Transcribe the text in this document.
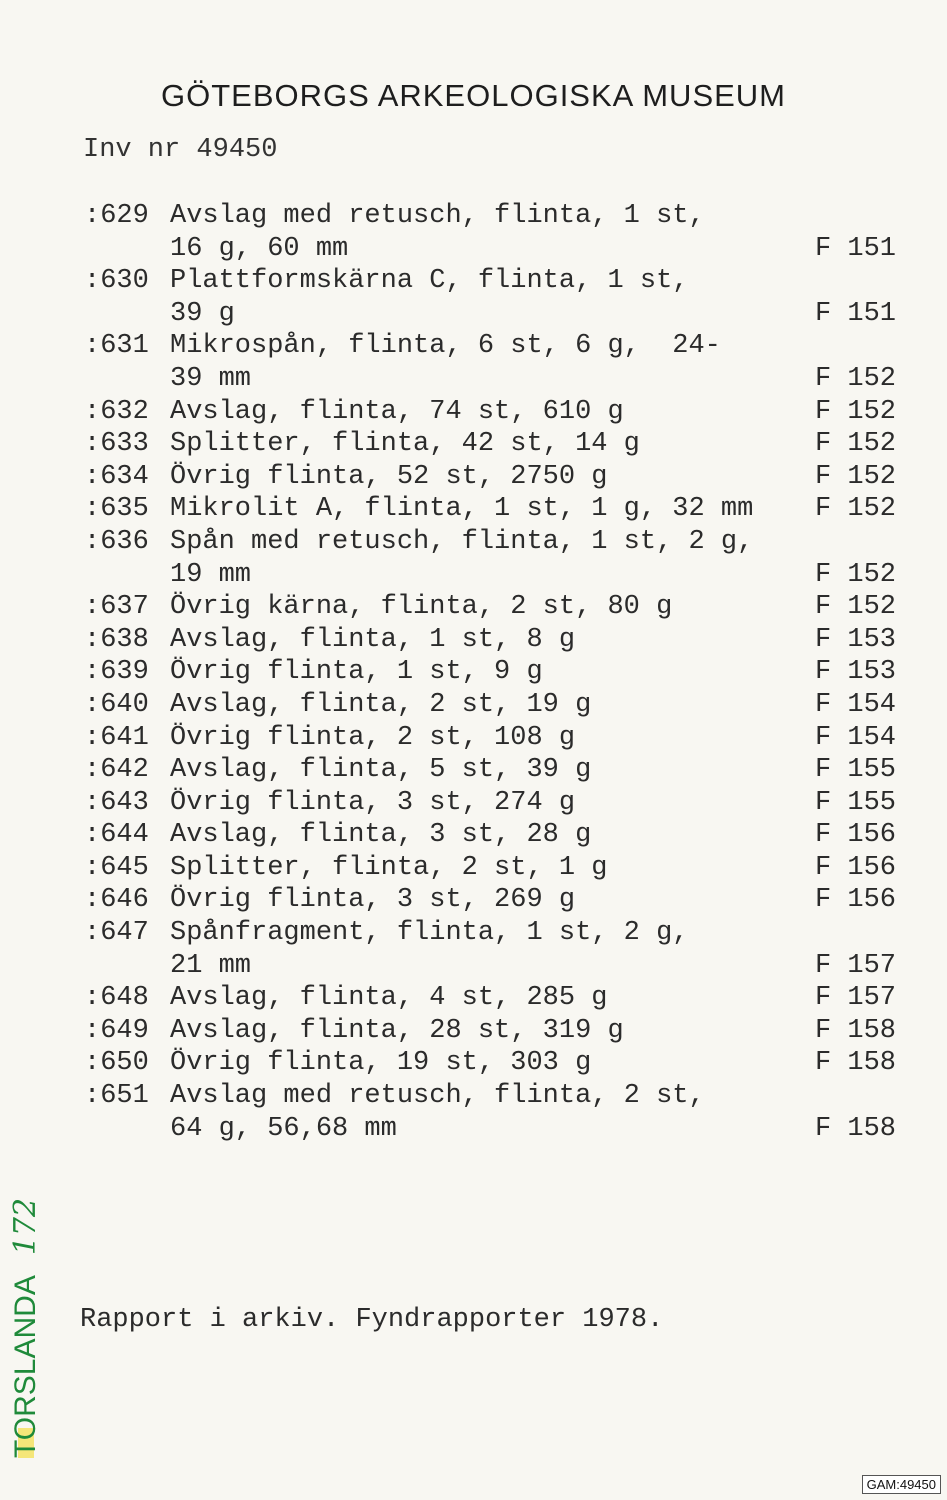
GÖTEBORGS ARKEOLOGISKA MUSEUM
Inv nr 49450
:629 Avslag med retusch, flinta, 1 st,
16 g, 60 mm	F 151
:630 Plattformskärna C, flinta, 1 st,
39 g	F 151
:631 Mikrospån, flinta, 6 st, 6 g,  24-
39 mm	F 152
:632 Avslag, flinta, 74 st, 610 g	F 152
:633 Splitter, flinta, 42 st, 14 g	F 152
:634 Övrig flinta, 52 st, 2750 g	F 152
:635 Mikrolit A, flinta, 1 st, 1 g, 32 mm F 152
:636 Spån med retusch, flinta, 1 st, 2 g,
19 mm	F 152
:637 Övrig kärna, flinta, 2 st, 80 g	F 152
:638 Avslag, flinta, 1 st, 8 g	F 153
:639 Övrig flinta, 1 st, 9 g	F 153
:640 Avslag, flinta, 2 st, 19 g	F 154
:641 Övrig flinta, 2 st, 108 g	F 154
:642 Avslag, flinta, 5 st, 39 g	F 155
:643 Övrig flinta, 3 st, 274 g	F 155
:644 Avslag, flinta, 3 st, 28 g	F 156
:645 Splitter, flinta, 2 st, 1 g	F 156
:646 Övrig flinta, 3 st, 269 g	F 156
:647 Spånfragment, flinta, 1 st, 2 g,
21 mm	F 157
:648 Avslag, flinta, 4 st, 285 g	F 157
:649 Avslag, flinta, 28 st, 319 g	F 158
:650 Övrig flinta, 19 st, 303 g	F 158
:651 Avslag med retusch, flinta, 2 st,
64 g, 56,68 mm	F 158
Rapport i arkiv. Fyndrapporter 1978.
TORSLANDA172
GAM:49450
